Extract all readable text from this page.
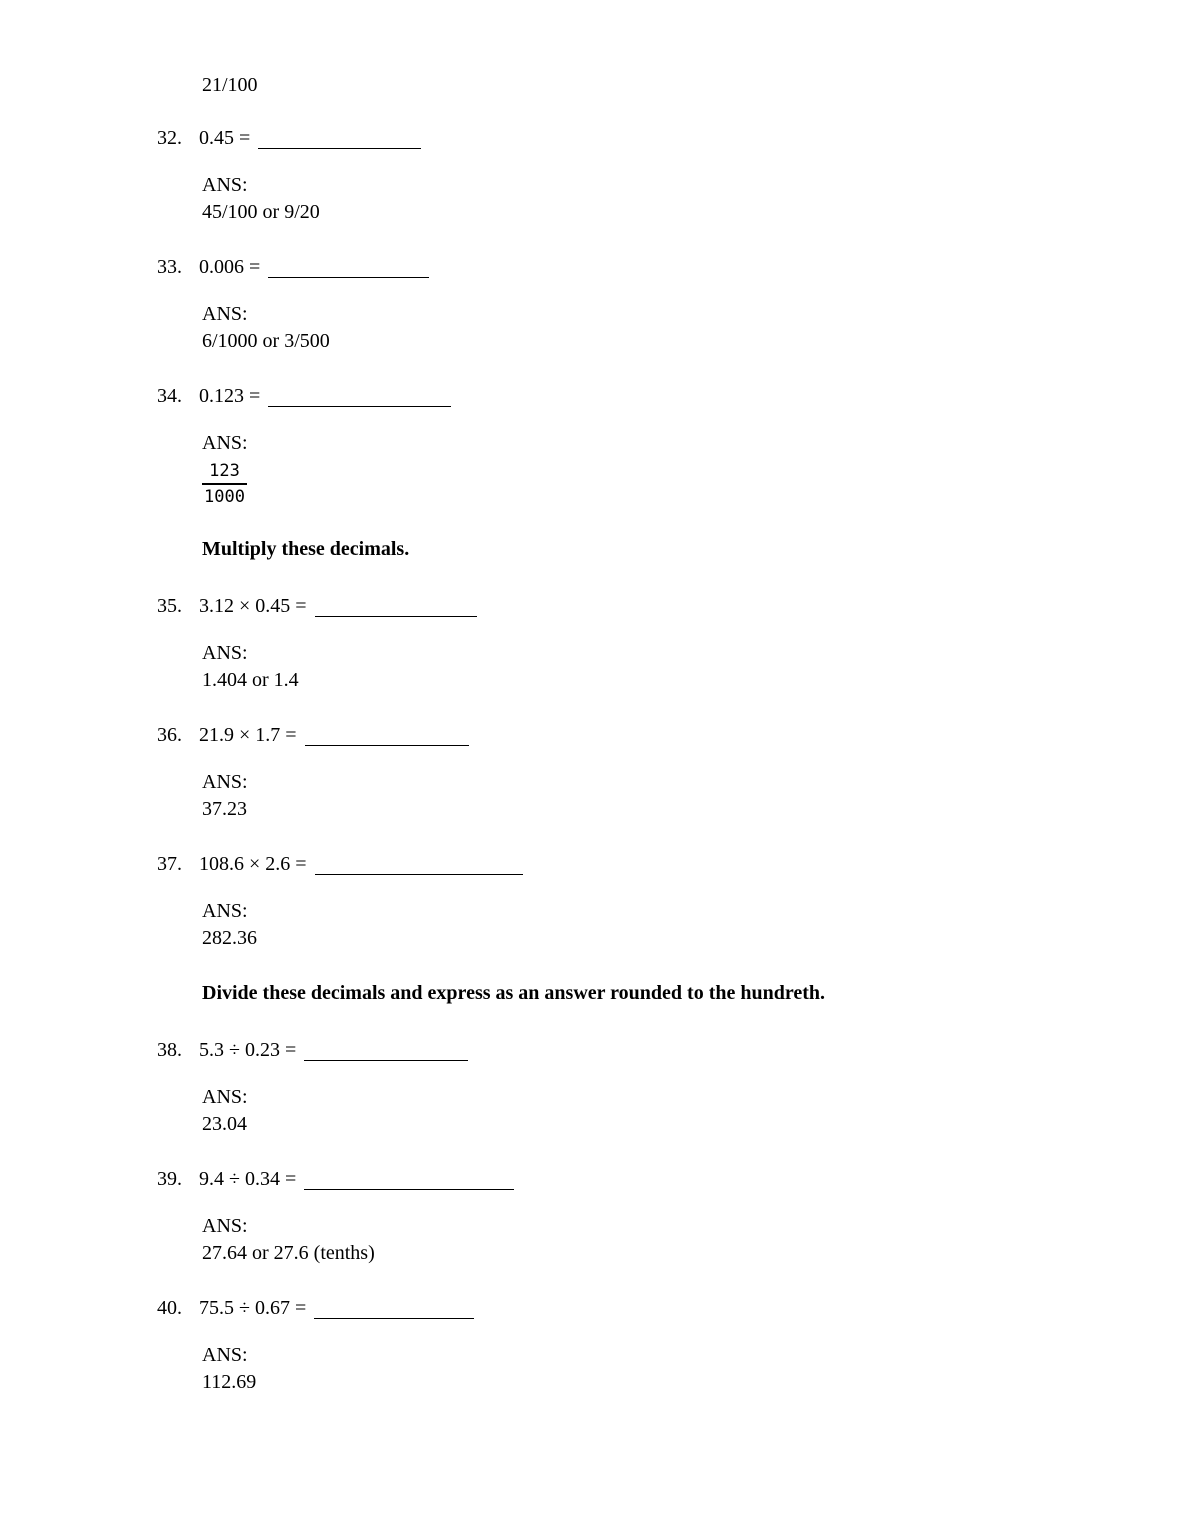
21/100
32. 0.45 =
ANS:
45/100 or 9/20
33. 0.006 =
ANS:
6/1000 or 3/500
34. 0.123 =
ANS:
$\frac{123}{1000}$
Multiply these decimals.
35. 3.12 × 0.45 =
ANS:
1.404 or 1.4
36. 21.9 × 1.7 =
ANS:
37.23
37. 108.6 × 2.6 =
ANS:
282.36
Divide these decimals and express as an answer rounded to the hundreth.
38. 5.3 ÷ 0.23 =
ANS:
23.04
39. 9.4 ÷ 0.34 =
ANS:
27.64 or 27.6 (tenths)
40. 75.5 ÷ 0.67 =
ANS:
112.69
